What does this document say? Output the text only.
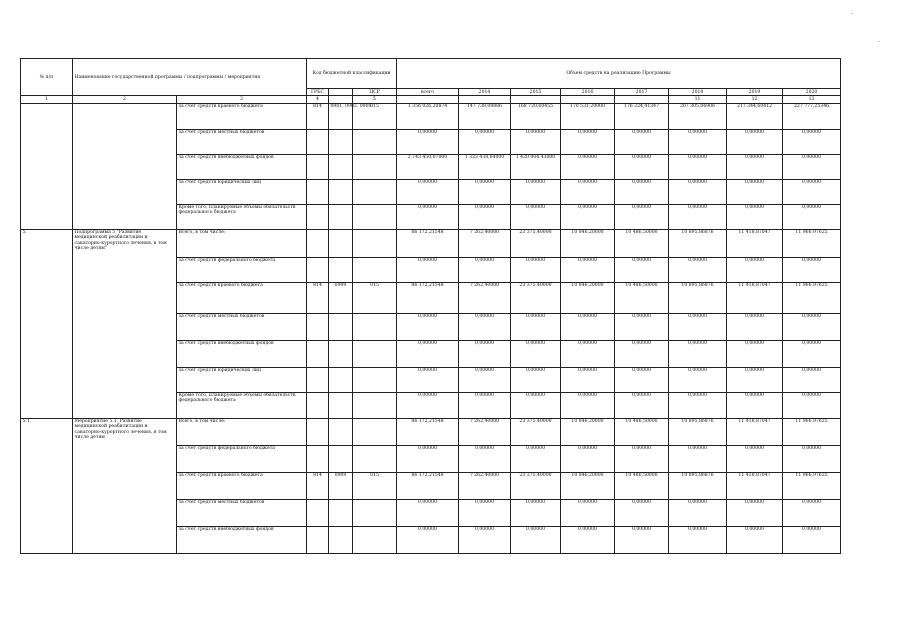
-
-
№ п/п	Наименование государственной программы / подпрограммы / мероприятия		Код бюджетной классификации			Объем средств на реализацию Программы							
			ГРБС		ЦСР	всего	2014	2015	2016	2017	2018	2019	2020
1	2	3	4		5						11	12	13
		за счет средств краевого бюджета	814	0901, 0902, 0909	015	1 356 026,20874	147 738,09886	168 720,60455	170 531,20000	176 224,41347	207 305,06906	217 344,60412	227 777,25346
		за счет средств местных бюджетов				0,00000	0,00000	0,00000	0,00000	0,00000	0,00000	0,00000	0,00000
		за счет средств внебюджетных фондов				2 743 450,07000	1 323 438,64000	1 420 004,43000	0,00000	0,00000	0,00000	0,00000	0,00000
		за счет средств юридических лиц				0,00000	0,00000	0,00000	0,00000	0,00000	0,00000	0,00000	0,00000
		Кроме того, планируемые объемы обязательств федерального бюджета				0,00000	0,00000	0,00000	0,00000	0,00000	0,00000	0,00000	0,00000
5.	Подпрограмма 5 "Развитие медицинской реабилитации и санаторно-курортного лечения, в том числе детям"	Всего, в том числе:				86 172,21548	7 262,40000	23 375,40000	10 846,20000	10 486,50000	10 895,86876	11 418,87047	11 966,97625
		за счет средств федерального бюджета				0,00000	0,00000	0,00000	0,00000	0,00000	0,00000	0,00000	0,00000
		за счет средств краевого бюджета	814	0909	015	86 172,21548	7 262,40000	23 375,40000	10 846,20000	10 486,50000	10 895,86876	11 418,87047	11 966,97625
		за счет средств местных бюджетов				0,00000	0,00000	0,00000	0,00000	0,00000	0,00000	0,00000	0,00000
		за счет средств внебюджетных фондов				0,00000	0,00000	0,00000	0,00000	0,00000	0,00000	0,00000	0,00000
		за счет средств юридических лиц				0,00000	0,00000	0,00000	0,00000	0,00000	0,00000	0,00000	0,00000
		Кроме того, планируемые объемы обязательств федерального бюджета				0,00000	0,00000	0,00000	0,00000	0,00000	0,00000	0,00000	0,00000
5.1.	Мероприятие 5.1. Развитие медицинской реабилитации и санаторно-курортного лечения, в том числе детям	Всего, в том числе:				86 172,21548	7 262,40000	23 375,40000	10 846,20000	10 486,50000	10 895,86876	11 418,87047	11 966,97625
		за счет средств федерального бюджета				0,00000	0,00000	0,00000	0,00000	0,00000	0,00000	0,00000	0,00000
		за счет средств краевого бюджета	814	0909	015	86 172,21548	7 262,40000	23 375,40000	10 846,20000	10 486,50000	10 895,86876	11 418,87047	11 966,97625
		за счет средств местных бюджетов				0,00000	0,00000	0,00000	0,00000	0,00000	0,00000	0,00000	0,00000
		за счет средств внебюджетных фондов				0,00000	0,00000	0,00000	0,00000	0,00000	0,00000	0,00000	0,00000
